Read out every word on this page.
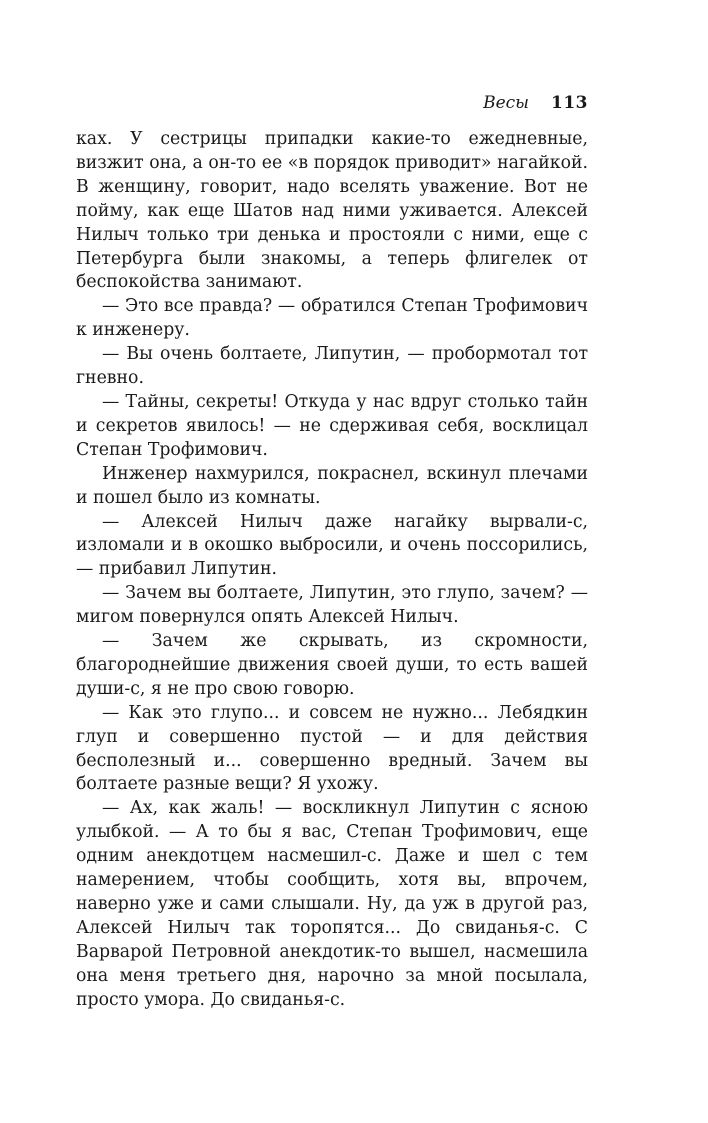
Весы 113

ках. У сестрицы припадки какие-то ежедневные, визжит она, а он-то ее «в порядок приводит» нагайкой. В женщину, говорит, надо вселять уважение. Вот не пойму, как еще Шатов над ними уживается. Алексей Нилыч только три денька и простояли с ними, еще с Петербурга были знакомы, а теперь флигелек от беспокойства занимают.

— Это все правда? — обратился Степан Трофимович к инженеру.

— Вы очень болтаете, Липутин, — пробормотал тот гневно.

— Тайны, секреты! Откуда у нас вдруг столько тайн и секретов явилось! — не сдерживая себя, восклицал Степан Трофимович.

Инженер нахмурился, покраснел, вскинул плечами и пошел было из комнаты.

— Алексей Нилыч даже нагайку вырвали-с, изломали и в окошко выбросили, и очень поссорились, — прибавил Липутин.

— Зачем вы болтаете, Липутин, это глупо, зачем? — мигом повернулся опять Алексей Нилыч.

— Зачем же скрывать, из скромности, благороднейшие движения своей души, то есть вашей души-с, я не про свою говорю.

— Как это глупо... и совсем не нужно... Лебядкин глуп и совершенно пустой — и для действия бесполезный и... совершенно вредный. Зачем вы болтаете разные вещи? Я ухожу.

— Ах, как жаль! — воскликнул Липутин с ясною улыбкой. — А то бы я вас, Степан Трофимович, еще одним анекдотцем насмешил-с. Даже и шел с тем намерением, чтобы сообщить, хотя вы, впрочем, наверно уже и сами слышали. Ну, да уж в другой раз, Алексей Нилыч так торопятся... До свиданья-с. С Варварой Петровной анекдотик-то вышел, насмешила она меня третьего дня, нарочно за мной посылала, просто умора. До свиданья-с.
